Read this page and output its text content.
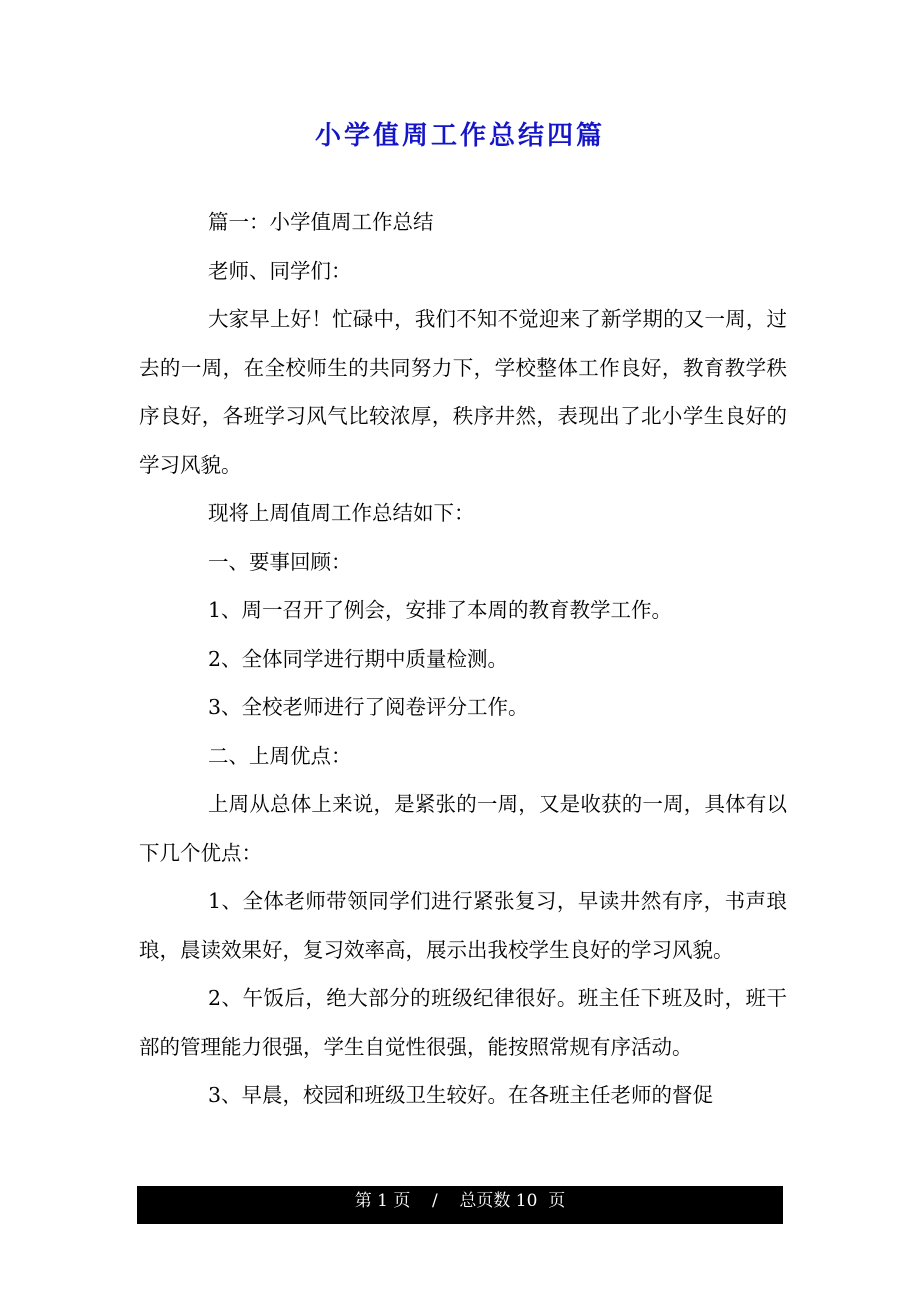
小学值周工作总结四篇

篇一：小学值周工作总结

老师、同学们：

大家早上好！忙碌中，我们不知不觉迎来了新学期的又一周，过去的一周，在全校师生的共同努力下，学校整体工作良好，教育教学秩序良好，各班学习风气比较浓厚，秩序井然，表现出了北小学生良好的学习风貌。

现将上周值周工作总结如下：

一、要事回顾：

1、周一召开了例会，安排了本周的教育教学工作。

2、全体同学进行期中质量检测。

3、全校老师进行了阅卷评分工作。

二、上周优点：

上周从总体上来说，是紧张的一周，又是收获的一周，具体有以下几个优点：

1、全体老师带领同学们进行紧张复习，早读井然有序，书声琅琅，晨读效果好，复习效率高，展示出我校学生良好的学习风貌。

2、午饭后，绝大部分的班级纪律很好。班主任下班及时，班干部的管理能力很强，学生自觉性很强，能按照常规有序活动。

3、早晨，校园和班级卫生较好。在各班主任老师的督促

第 1 页 / 总页数 10 页
